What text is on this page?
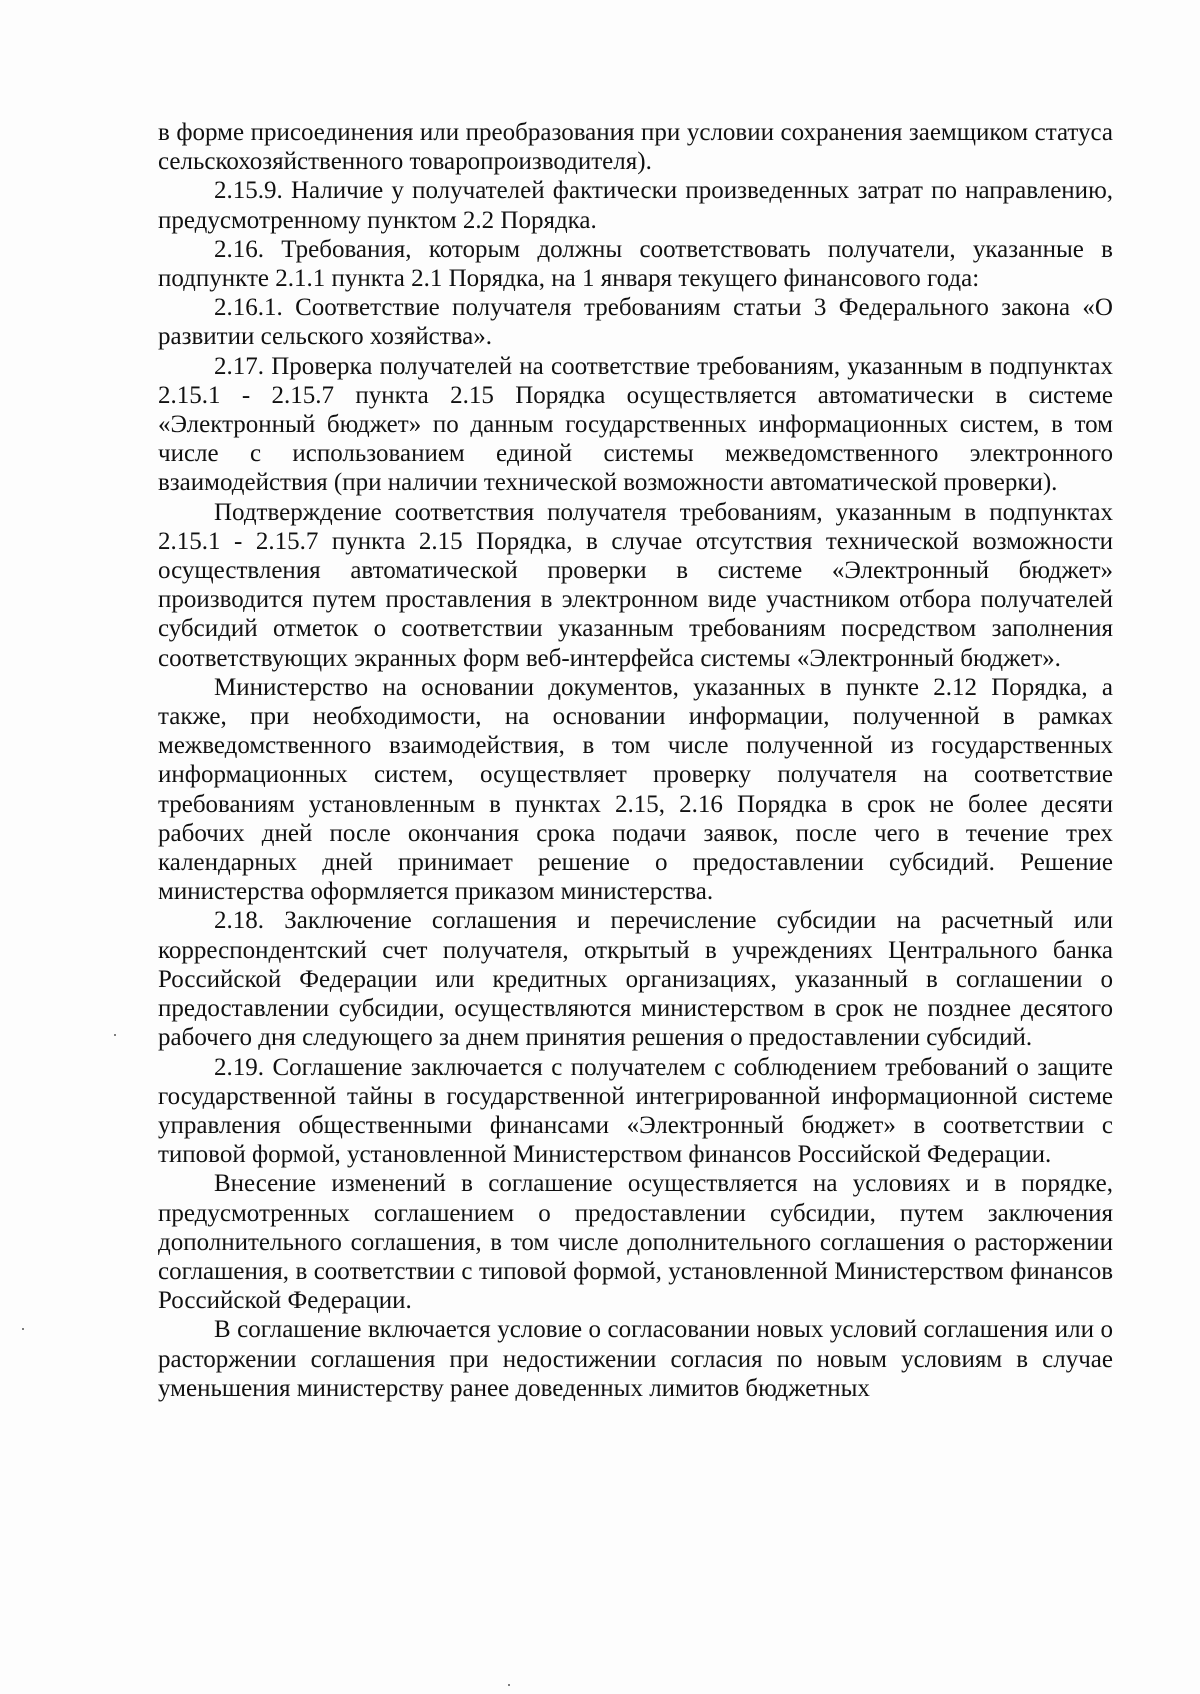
в форме присоединения или преобразования при условии сохранения заемщиком статуса сельскохозяйственного товаропроизводителя).

2.15.9. Наличие у получателей фактически произведенных затрат по направлению, предусмотренному пунктом 2.2 Порядка.

2.16. Требования, которым должны соответствовать получатели, указанные в подпункте 2.1.1 пункта 2.1 Порядка, на 1 января текущего финансового года:

2.16.1. Соответствие получателя требованиям статьи 3 Федерального закона «О развитии сельского хозяйства».

2.17. Проверка получателей на соответствие требованиям, указанным в подпунктах 2.15.1 - 2.15.7 пункта 2.15 Порядка осуществляется автоматически в системе «Электронный бюджет» по данным государственных информационных систем, в том числе с использованием единой системы межведомственного электронного взаимодействия (при наличии технической возможности автоматической проверки).

Подтверждение соответствия получателя требованиям, указанным в подпунктах 2.15.1 - 2.15.7 пункта 2.15 Порядка, в случае отсутствия технической возможности осуществления автоматической проверки в системе «Электронный бюджет» производится путем проставления в электронном виде участником отбора получателей субсидий отметок о соответствии указанным требованиям посредством заполнения соответствующих экранных форм веб-интерфейса системы «Электронный бюджет».

Министерство на основании документов, указанных в пункте 2.12 Порядка, а также, при необходимости, на основании информации, полученной в рамках межведомственного взаимодействия, в том числе полученной из государственных информационных систем, осуществляет проверку получателя на соответствие требованиям установленным в пунктах 2.15, 2.16 Порядка в срок не более десяти рабочих дней после окончания срока подачи заявок, после чего в течение трех календарных дней принимает решение о предоставлении субсидий. Решение министерства оформляется приказом министерства.

2.18. Заключение соглашения и перечисление субсидии на расчетный или корреспондентский счет получателя, открытый в учреждениях Центрального банка Российской Федерации или кредитных организациях, указанный в соглашении о предоставлении субсидии, осуществляются министерством в срок не позднее десятого рабочего дня следующего за днем принятия решения о предоставлении субсидий.

2.19. Соглашение заключается с получателем с соблюдением требований о защите государственной тайны в государственной интегрированной информационной системе управления общественными финансами «Электронный бюджет» в соответствии с типовой формой, установленной Министерством финансов Российской Федерации.

Внесение изменений в соглашение осуществляется на условиях и в порядке, предусмотренных соглашением о предоставлении субсидии, путем заключения дополнительного соглашения, в том числе дополнительного соглашения о расторжении соглашения, в соответствии с типовой формой, установленной Министерством финансов Российской Федерации.

В соглашение включается условие о согласовании новых условий соглашения или о расторжении соглашения при недостижении согласия по новым условиям в случае уменьшения министерству ранее доведенных лимитов бюджетных
